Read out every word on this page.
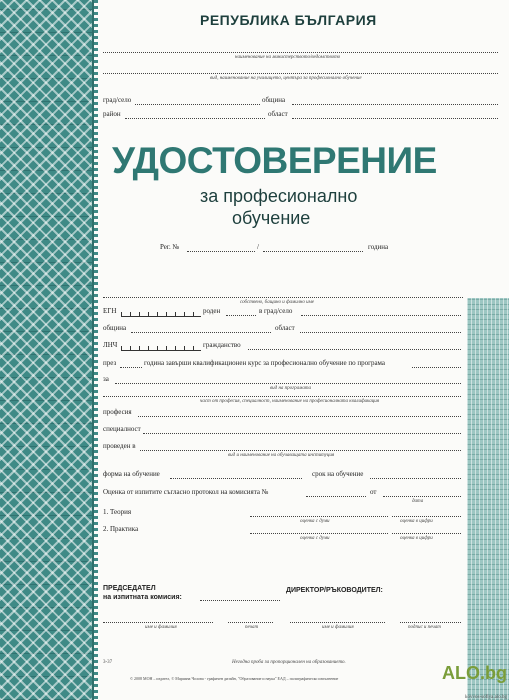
РЕПУБЛИКА БЪЛГАРИЯ
наименование на министерството/ведомството
вид, наименование на училището, центъра за професионално обучение
град/село	община
район	област
УДОСТОВЕРЕНИЕ
за професионално
обучение
Рег. №	/	година
собствено, бащино и фамилно име
ЕГН	роден	в град/село
община	област
ЛНЧ	гражданство
през	година завърши квалификационен курс за професионално обучение по програма
за
вид на програмата
част от професия, специалност, наименование на професионалната квалификация
професия
специалност
проведен в
вид и наименование на обучаващата институция
форма на обучение	срок на обучение
Оценка от изпитите съгласно протокол на комисията №	от
дата
1. Теория
оценка с думи	оценка в цифри
2. Практика
оценка с думи	оценка в цифри
ПРЕДСЕДАТЕЛ
на изпитната комисия:
ДИРЕКТОР/РЪКОВОДИТЕЛ:
име и фамилия	печат	име и фамилия	подпис и печат
3-37	Негодна проба за пропорционален на образованието.
© 2008 МОН – издател, © Мариана Чолова - графичен дизайн, "Образование и наука" ЕАД – полиграфическо изпълнение	ALO.bg
kovvos-sofiya.alo.bg
